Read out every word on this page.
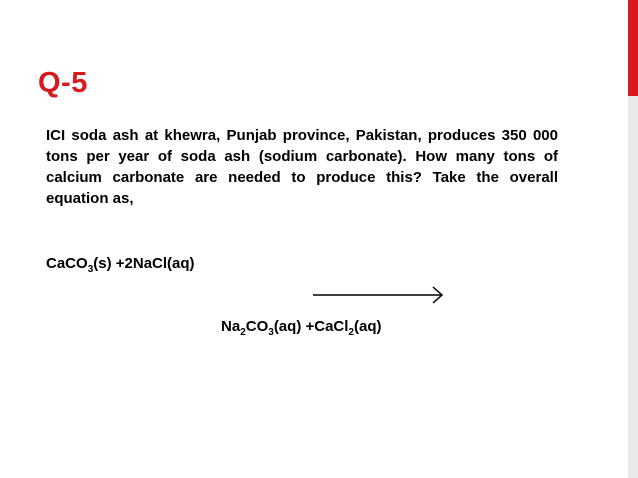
Q-5
ICI soda ash at khewra, Punjab province, Pakistan, produces 350 000 tons per year of soda ash (sodium carbonate). How many tons of calcium carbonate are needed to produce this? Take the overall equation as,
CaCO$_3$(s) +2NaCl(aq)
$Na_2CO_3(aq)$ +CaCl$_2$(aq)
